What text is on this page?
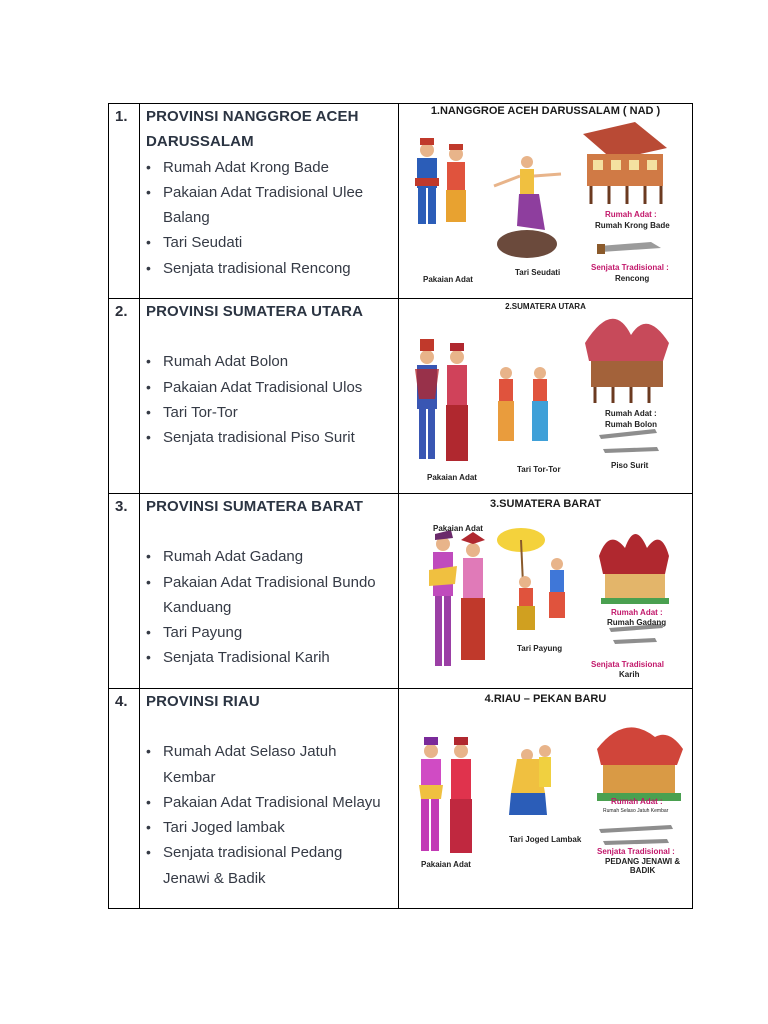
1. PROVINSI NANGGROE ACEH
DARUSSALAM
• Rumah Adat Krong Bade
• Pakaian Adat Tradisional Ulee
Balang
• Tari Seudati
• Senjata tradisional Rencong
1.NANGGROE ACEH DARUSSALAM ( NAD )
Pakaian Adat
Tari Seudati
Rumah Adat :
Rumah Krong Bade
Senjata Tradisional :
Rencong
2. PROVINSI SUMATERA UTARA
• Rumah Adat Bolon
• Pakaian Adat Tradisional Ulos
• Tari Tor-Tor
• Senjata tradisional Piso Surit
2.SUMATERA UTARA
Pakaian Adat
Tari Tor-Tor
Rumah Adat :
Rumah Bolon
Piso Surit
3. PROVINSI SUMATERA BARAT
• Rumah Adat Gadang
• Pakaian Adat Tradisional Bundo
Kanduang
• Tari Payung
• Senjata Tradisional Karih
3.SUMATERA BARAT
Pakaian Adat
Tari Payung
Rumah Adat :
Rumah Gadang
Senjata Tradisional
Karih
4. PROVINSI RIAU
• Rumah Adat Selaso Jatuh
Kembar
• Pakaian Adat Tradisional Melayu
• Tari Joged lambak
• Senjata tradisional Pedang
Jenawi & Badik
4.RIAU – PEKAN BARU
Pakaian Adat
Tari Joged Lambak
Rumah Adat :
Rumah Selaso Jatuh Kembar
Senjata Tradisional :
PEDANG JENAWI &
BADIK
